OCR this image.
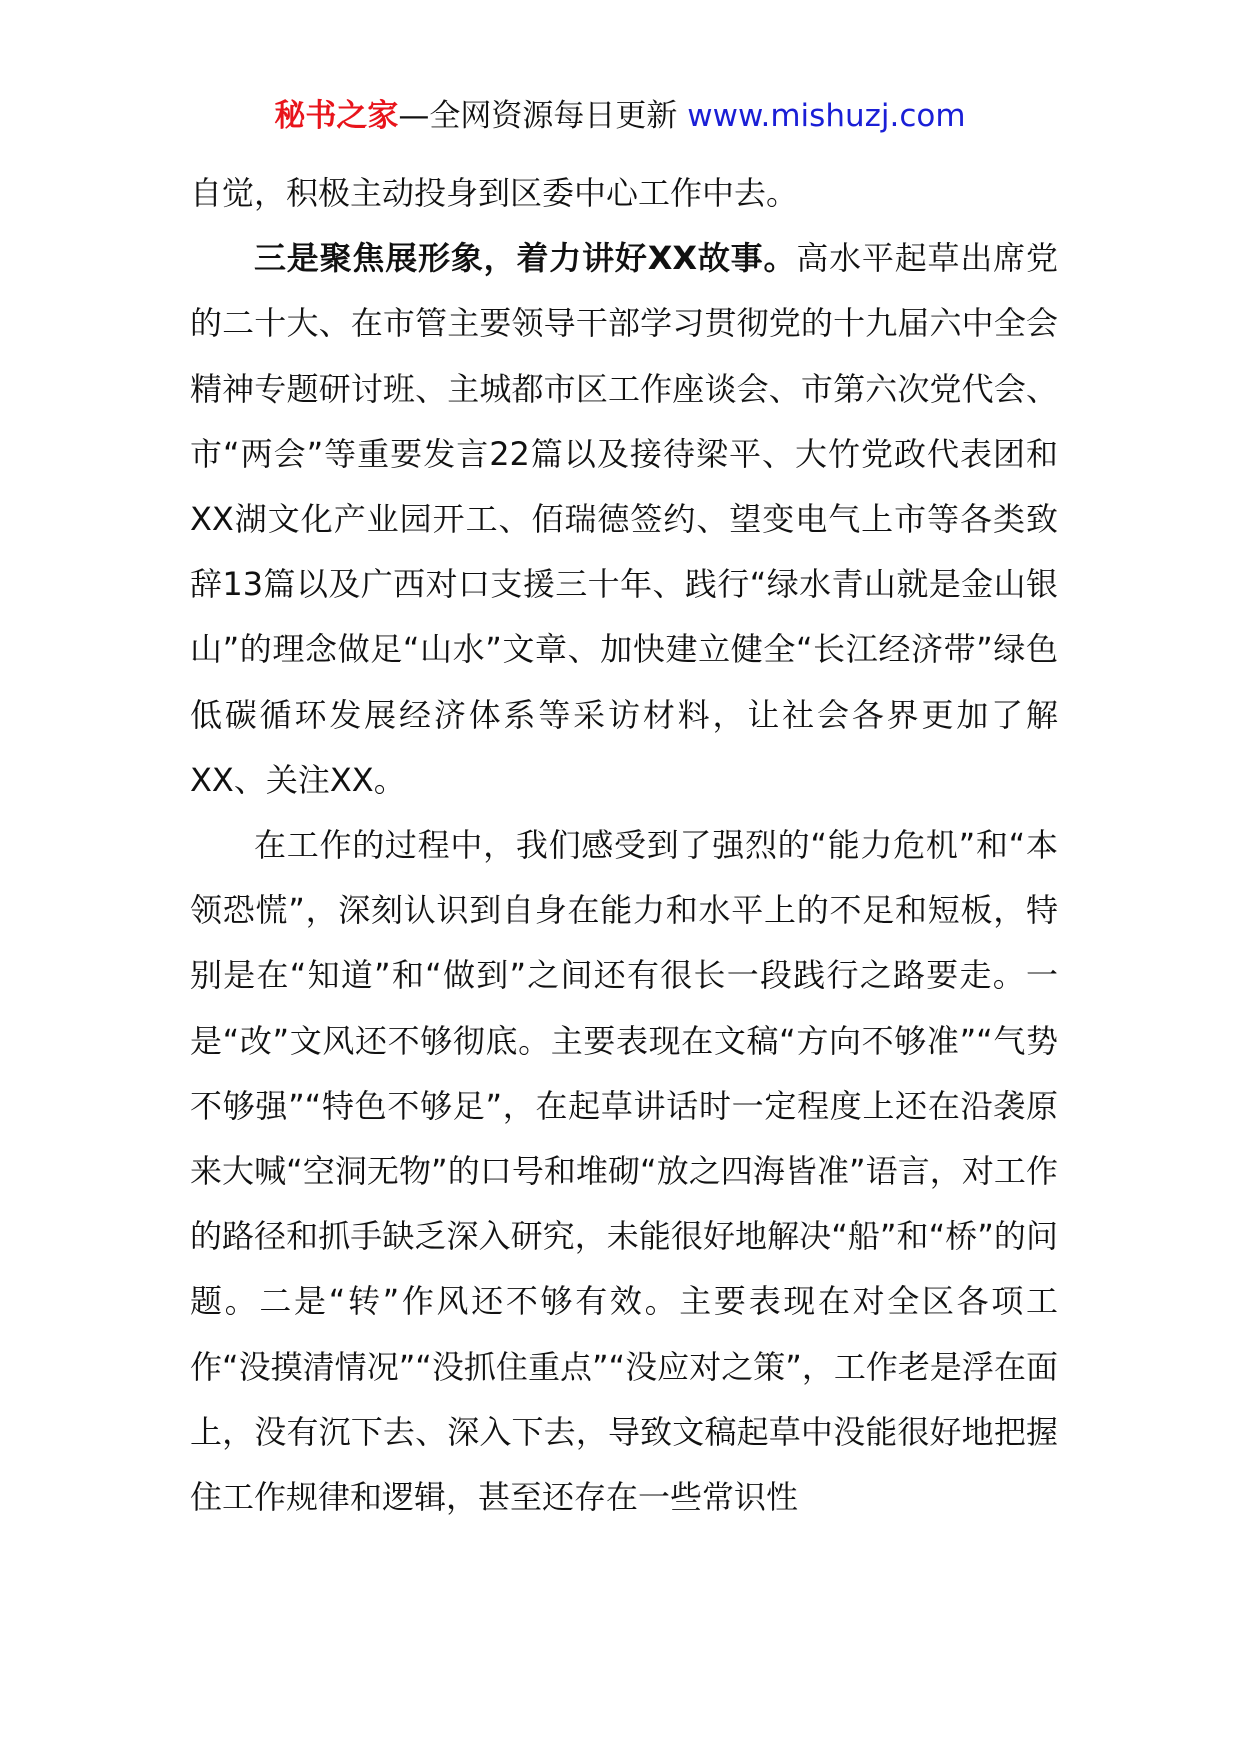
秘书之家—全网资源每日更新 www.mishuzj.com

自觉，积极主动投身到区委中心工作中去。

三是聚焦展形象，着力讲好XX故事。高水平起草出席党的二十大、在市管主要领导干部学习贯彻党的十九届六中全会精神专题研讨班、主城都市区工作座谈会、市第六次党代会、市“两会”等重要发言22篇以及接待梁平、大竹党政代表团和XX湖文化产业园开工、佰瑞德签约、望变电气上市等各类致辞13篇以及广西对口支援三十年、践行“绿水青山就是金山银山”的理念做足“山水”文章、加快建立健全“长江经济带”绿色低碳循环发展经济体系等采访材料，让社会各界更加了解XX、关注XX。

在工作的过程中，我们感受到了强烈的“能力危机”和“本领恐慌”，深刻认识到自身在能力和水平上的不足和短板，特别是在“知道”和“做到”之间还有很长一段践行之路要走。一是“改”文风还不够彻底。主要表现在文稿“方向不够准”“气势不够强”“特色不够足”，在起草讲话时一定程度上还在沿袭原来大喊“空洞无物”的口号和堆砌“放之四海皆准”语言，对工作的路径和抓手缺乏深入研究，未能很好地解决“船”和“桥”的问题。二是“转”作风还不够有效。主要表现在对全区各项工作“没摸清情况”“没抓住重点”“没应对之策”，工作老是浮在面上，没有沉下去、深入下去，导致文稿起草中没能很好地把握住工作规律和逻辑，甚至还存在一些常识性
